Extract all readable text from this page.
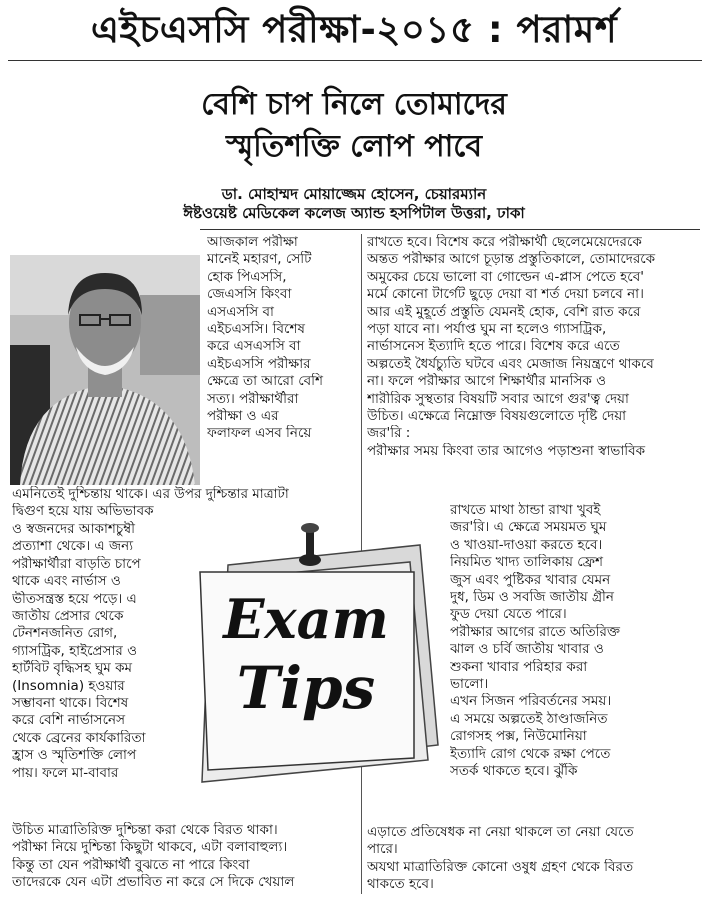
এইচএসসি পরীক্ষা-২০১৫ : পরামর্শ
বেশি চাপ নিলে তোমাদের
স্মৃতিশক্তি লোপ পাবে
ডা. মোহাম্মদ মোয়াজ্জেম হোসেন, চেয়ারম্যান
ঈষ্টওয়েষ্ট মেডিকেল কলেজ অ্যান্ড হসপিটাল উত্তরা, ঢাকা
Exam
Tips
আজকাল পরীক্ষা
মানেই মহারণ, সেটি
হোক পিএসসি,
জেএসসি কিংবা
এসএসসি বা
এইচএসসি। বিশেষ
করে এসএসসি বা
এইচএসসি পরীক্ষার
ক্ষেত্রে তা আরো বেশি
সত্য। পরীক্ষার্থীরা
পরীক্ষা ও এর
ফলাফল এসব নিয়ে
এমনিতেই দুশ্চিন্তায় থাকে। এর উপর দুশ্চিন্তার মাত্রাটা
দ্বিগুণ হয়ে যায় অভিভাবক
ও স্বজনদের আকাশচুম্বী
প্রত্যাশা থেকে। এ জন্য
পরীক্ষার্থীরা বাড়তি চাপে
থাকে এবং নার্ভাস ও
ভীতসন্ত্রস্ত হয়ে পড়ে। এ
জাতীয় প্রেসার থেকে
টেনশনজনিত রোগ,
গ্যাসট্রিক, হাইপ্রেসার ও
হার্টবিট বৃদ্ধিসহ ঘুম কম
(Insomnia) হওয়ার
সম্ভাবনা থাকে। বিশেষ
করে বেশি নার্ভাসনেস
থেকে ব্রেনের কার্যকারিতা
হ্রাস ও স্মৃতিশক্তি লোপ
পায়। ফলে মা-বাবার
উচিত মাত্রাতিরিক্ত দুশ্চিন্তা করা থেকে বিরত থাকা।
পরীক্ষা নিয়ে দুশ্চিন্তা কিছুটা থাকবে, এটা বলাবাহুল্য।
কিন্তু তা যেন পরীক্ষার্থী বুঝতে না পারে কিংবা
তাদেরকে যেন এটা প্রভাবিত না করে সে দিকে খেয়াল
রাখতে হবে। বিশেষ করে পরীক্ষার্থী ছেলেমেয়েদেরকে
অন্তত পরীক্ষার আগে চূড়ান্ত প্রস্তুতিকালে, তোমাদেরকে
অমুকের চেয়ে ভালো বা গোল্ডেন এ-প্লাস পেতে হবে'
মর্মে কোনো টার্গেট ছুড়ে দেয়া বা শর্ত দেয়া চলবে না।
আর এই মুহূর্তে প্রস্তুতি যেমনই হোক, বেশি রাত করে
পড়া যাবে না। পর্যাপ্ত ঘুম না হলেও গ্যাসট্রিক,
নার্ভাসনেস ইত্যাদি হতে পারে। বিশেষ করে এতে
অল্পতেই ধৈর্যচ্যুতি ঘটবে এবং মেজাজ নিয়ন্ত্রণে থাকবে
না। ফলে পরীক্ষার আগে শিক্ষার্থীর মানসিক ও
শারীরিক সুস্থতার বিষয়টি সবার আগে গুর'ত্ব দেয়া
উচিত। এক্ষেত্রে নিম্নোক্ত বিষয়গুলোতে দৃষ্টি দেয়া
জর'রি :
পরীক্ষার সময় কিংবা তার আগেও পড়াশুনা স্বাভাবিক
রাখতে মাথা ঠান্ডা রাখা খুবই
জর'রি। এ ক্ষেত্রে সময়মত ঘুম
ও খাওয়া-দাওয়া করতে হবে।
নিয়মিত খাদ্য তালিকায় ফ্রেশ
জুস এবং পুষ্টিকর খাবার যেমন
দুধ, ডিম ও সবজি জাতীয় গ্রীন
ফুড দেয়া যেতে পারে।
পরীক্ষার আগের রাতে অতিরিক্ত
ঝাল ও চর্বি জাতীয় খাবার ও
শুকনা খাবার পরিহার করা
ভালো।
এখন সিজন পরিবর্তনের সময়।
এ সময়ে অল্পতেই ঠাণ্ডাজনিত
রোগসহ পক্স, নিউমোনিয়া
ইত্যাদি রোগ থেকে রক্ষা পেতে
সতর্ক থাকতে হবে। ঝুঁকি
এড়াতে প্রতিষেধক না নেয়া থাকলে তা নেয়া যেতে
পারে।
অযথা মাত্রাতিরিক্ত কোনো ওষুধ গ্রহণ থেকে বিরত
থাকতে হবে।
